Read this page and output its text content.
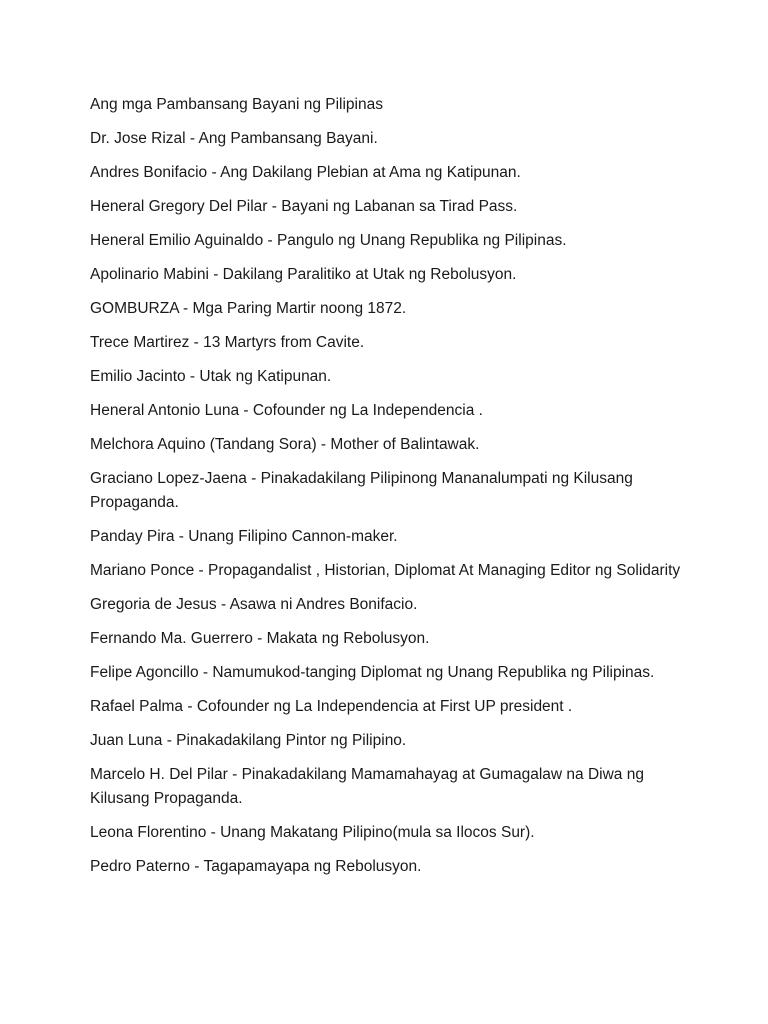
Ang mga Pambansang Bayani ng Pilipinas

Dr. Jose Rizal - Ang Pambansang Bayani.

Andres Bonifacio - Ang Dakilang Plebian at Ama ng Katipunan.

Heneral Gregory Del Pilar - Bayani ng Labanan sa Tirad Pass.

Heneral Emilio Aguinaldo - Pangulo ng Unang Republika ng Pilipinas.

Apolinario Mabini - Dakilang Paralitiko at Utak ng Rebolusyon.

GOMBURZA - Mga Paring Martir noong 1872.

Trece Martirez - 13 Martyrs from Cavite.

Emilio Jacinto - Utak ng Katipunan.

Heneral Antonio Luna - Cofounder ng La Independencia .

Melchora Aquino (Tandang Sora) - Mother of Balintawak.

Graciano Lopez-Jaena - Pinakadakilang Pilipinong Mananalumpati ng Kilusang Propaganda.

Panday Pira - Unang Filipino Cannon-maker.

Mariano Ponce - Propagandalist , Historian, Diplomat At Managing Editor ng Solidarity

Gregoria de Jesus - Asawa ni Andres Bonifacio.

Fernando Ma. Guerrero - Makata ng Rebolusyon.

Felipe Agoncillo - Namumukod-tanging Diplomat ng Unang Republika ng Pilipinas.

Rafael Palma - Cofounder ng La Independencia at First UP president .

Juan Luna - Pinakadakilang Pintor ng Pilipino.

Marcelo H. Del Pilar - Pinakadakilang Mamamahayag at Gumagalaw na Diwa ng Kilusang Propaganda.

Leona Florentino - Unang Makatang Pilipino(mula sa Ilocos Sur).

Pedro Paterno - Tagapamayapa ng Rebolusyon.
